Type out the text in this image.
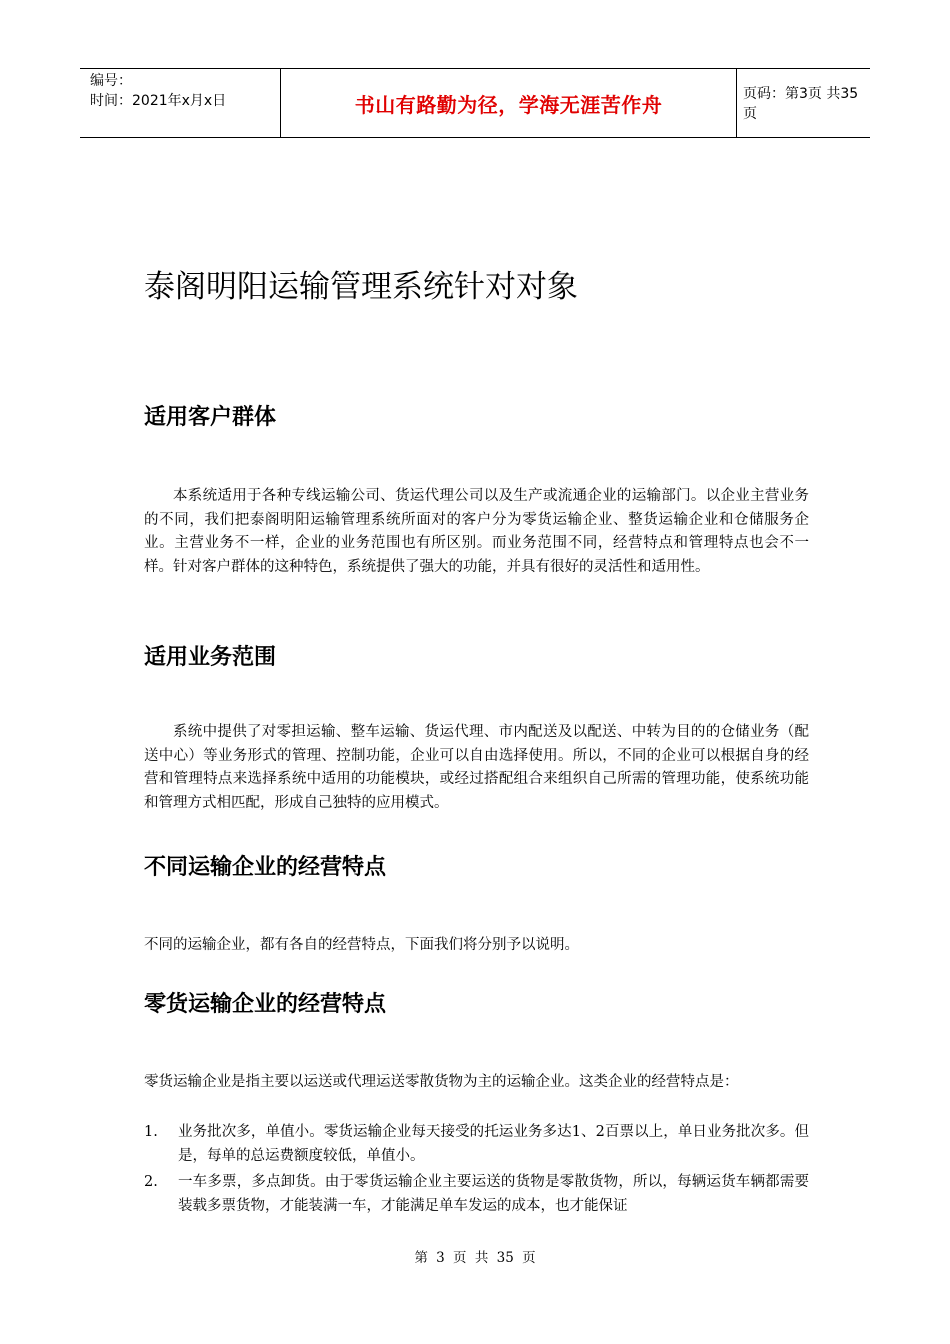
编号：
时间：2021年x月x日	书山有路勤为径，学海无涯苦作舟	页码：第3页 共35页
泰阁明阳运输管理系统针对对象
适用客户群体
本系统适用于各种专线运输公司、货运代理公司以及生产或流通企业的运输部门。以企业主营业务的不同，我们把泰阁明阳运输管理系统所面对的客户分为零货运输企业、整货运输企业和仓储服务企业。主营业务不一样，企业的业务范围也有所区别。而业务范围不同，经营特点和管理特点也会不一样。针对客户群体的这种特色，系统提供了强大的功能，并具有很好的灵活性和适用性。
适用业务范围
系统中提供了对零担运输、整车运输、货运代理、市内配送及以配送、中转为目的的仓储业务（配送中心）等业务形式的管理、控制功能，企业可以自由选择使用。所以，不同的企业可以根据自身的经营和管理特点来选择系统中适用的功能模块，或经过搭配组合来组织自己所需的管理功能，使系统功能和管理方式相匹配，形成自己独特的应用模式。
不同运输企业的经营特点
不同的运输企业，都有各自的经营特点，下面我们将分别予以说明。
零货运输企业的经营特点
零货运输企业是指主要以运送或代理运送零散货物为主的运输企业。这类企业的经营特点是：
1. 业务批次多，单值小。零货运输企业每天接受的托运业务多达1、2百票以上，单日业务批次多。但是，每单的总运费额度较低，单值小。
2. 一车多票，多点卸货。由于零货运输企业主要运送的货物是零散货物，所以，每辆运货车辆都需要装载多票货物，才能装满一车，才能满足单车发运的成本，也才能保证
第 3 页 共 35 页
